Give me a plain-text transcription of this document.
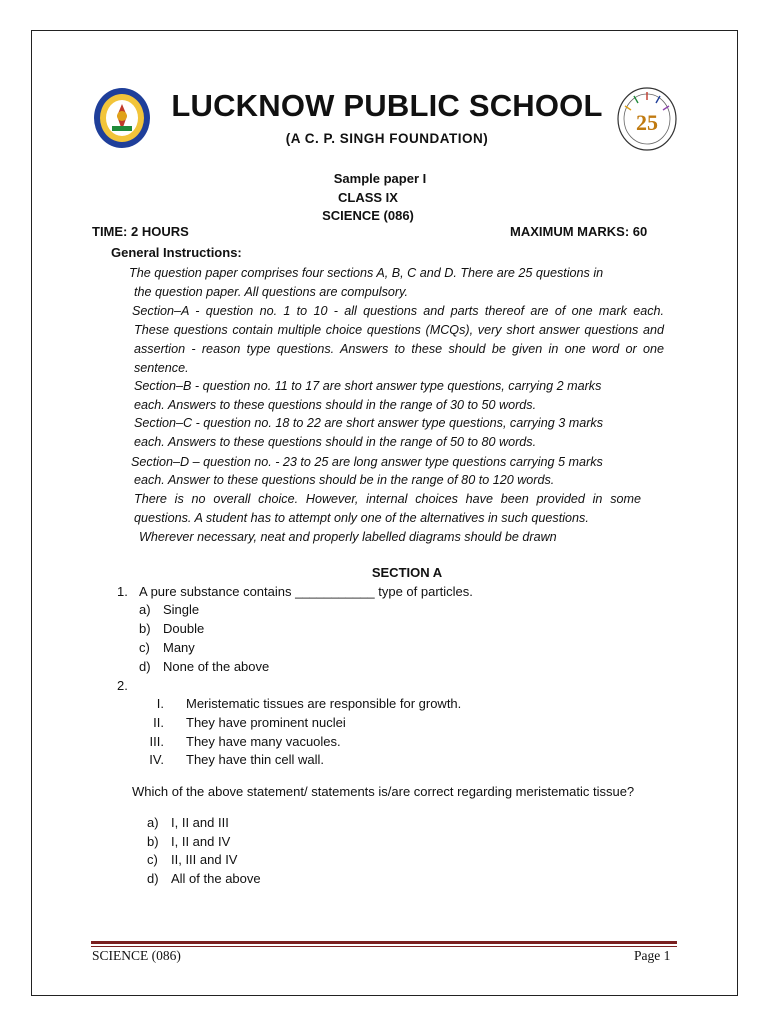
LUCKNOW PUBLIC SCHOOL
(A C. P. SINGH FOUNDATION)
25
Sample paper I
CLASS IX
SCIENCE (086)
TIME: 2 HOURS	MAXIMUM MARKS: 60
General Instructions:
The question paper comprises four sections A, B, C and D. There are 25 questions in
the question paper. All questions are compulsory.
Section–A - question no. 1 to 10 - all questions and parts thereof are of one mark each.
These questions contain multiple choice questions (MCQs), very short answer questions and
assertion - reason type questions. Answers to these should be given in one word or one
sentence.
Section–B - question no. 11 to 17 are short answer type questions, carrying 2 marks
each. Answers to these questions should in the range of 30 to 50 words.
Section–C - question no. 18 to 22 are short answer type questions, carrying 3 marks
each. Answers to these questions should in the range of 50 to 80 words.
Section–D – question no. - 23 to 25 are long answer type questions carrying 5 marks
each. Answer to these questions should be in the range of 80 to 120 words.
There is no overall choice. However, internal choices have been provided in some
questions. A student has to attempt only one of the alternatives in such questions.
Wherever necessary, neat and properly labelled diagrams should be drawn
SECTION A
1. A pure substance contains ___________ type of particles.
a) Single
b) Double
c) Many
d) None of the above
2.
I. Meristematic tissues are responsible for growth.
II. They have prominent nuclei
III. They have many vacuoles.
IV. They have thin cell wall.
Which of the above statement/ statements is/are correct regarding meristematic tissue?
a) I, II and III
b) I, II and IV
c) II, III and IV
d) All of the above
SCIENCE (086)	Page 1
